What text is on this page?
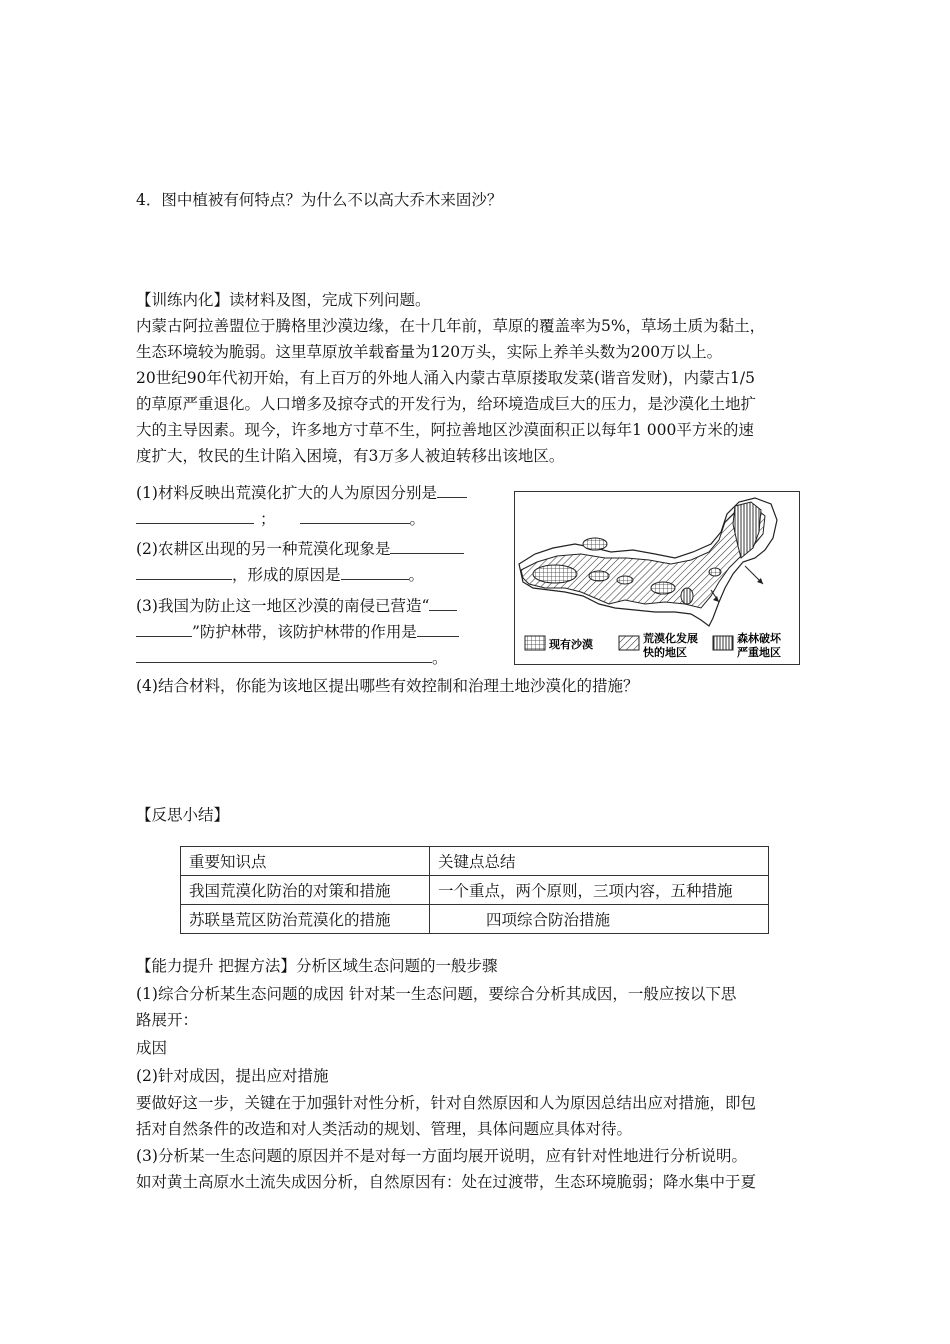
4．图中植被有何特点？为什么不以高大乔木来固沙？
【训练内化】读材料及图，完成下列问题。
内蒙古阿拉善盟位于腾格里沙漠边缘，在十几年前，草原的覆盖率为5%，草场土质为黏土，
生态环境较为脆弱。这里草原放羊载畜量为120万头，实际上养羊头数为200万以上。
20世纪90年代初开始，有上百万的外地人涌入内蒙古草原搂取发菜(谐音发财)，内蒙古1/5
的草原严重退化。人口增多及掠夺式的开发行为，给环境造成巨大的压力，是沙漠化土地扩
大的主导因素。现今，许多地方寸草不生，阿拉善地区沙漠面积正以每年1 000平方米的速
度扩大，牧民的生计陷入困境，有3万多人被迫转移出该地区。
(1)材料反映出荒漠化扩大的人为原因分别是
；	。
(2)农耕区出现的另一种荒漠化现象是
，形成的原因是	。
(3)我国为防止这一地区沙漠的南侵已营造“
”防护林带，该防护林带的作用是
。
(4)结合材料，你能为该地区提出哪些有效控制和治理土地沙漠化的措施？
现有沙漠	荒漠化发展
快的地区
森林破坏
严重地区
【反思小结】
重要知识点	关键点总结
我国荒漠化防治的对策和措施	一个重点，两个原则，三项内容，五种措施
苏联垦荒区防治荒漠化的措施	四项综合防治措施
【能力提升 把握方法】分析区域生态问题的一般步骤
(1)综合分析某生态问题的成因 针对某一生态问题，要综合分析其成因，一般应按以下思
路展开：
成因
(2)针对成因，提出应对措施
要做好这一步，关键在于加强针对性分析，针对自然原因和人为原因总结出应对措施，即包
括对自然条件的改造和对人类活动的规划、管理，具体问题应具体对待。
(3)分析某一生态问题的原因并不是对每一方面均展开说明，应有针对性地进行分析说明。
如对黄土高原水土流失成因分析，自然原因有：处在过渡带，生态环境脆弱；降水集中于夏
